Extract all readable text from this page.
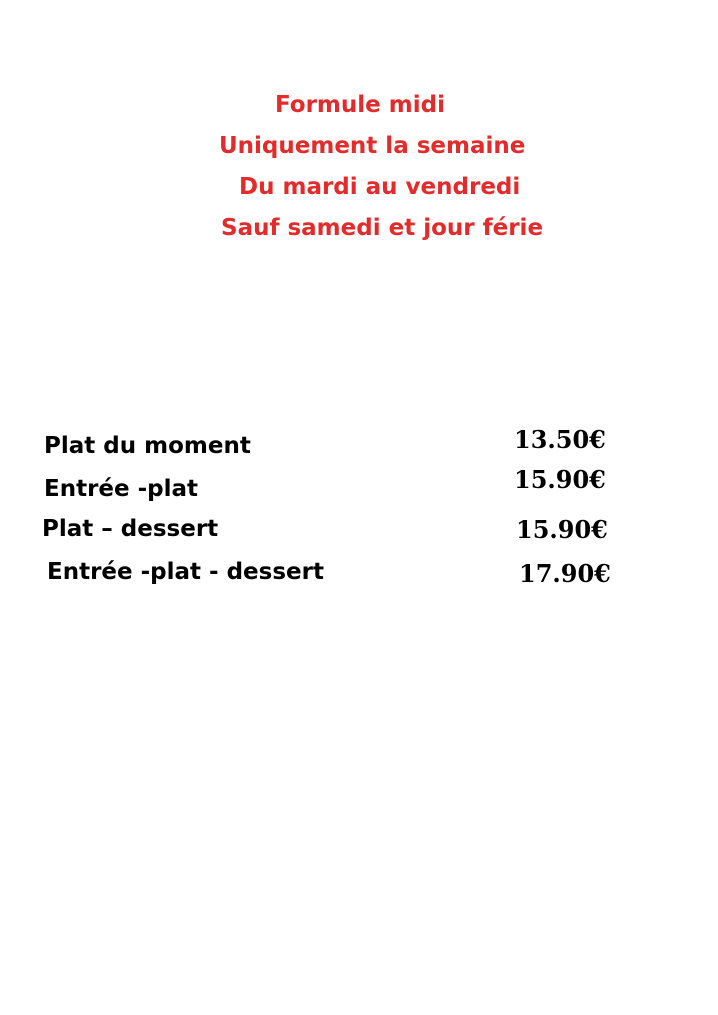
Formule midi
Uniquement la semaine
Du mardi au vendredi
Sauf samedi et jour férie
Plat du moment	13.50€
Entrée -plat	15.90€
Plat – dessert	15.90€
Entrée -plat - dessert	17.90€
